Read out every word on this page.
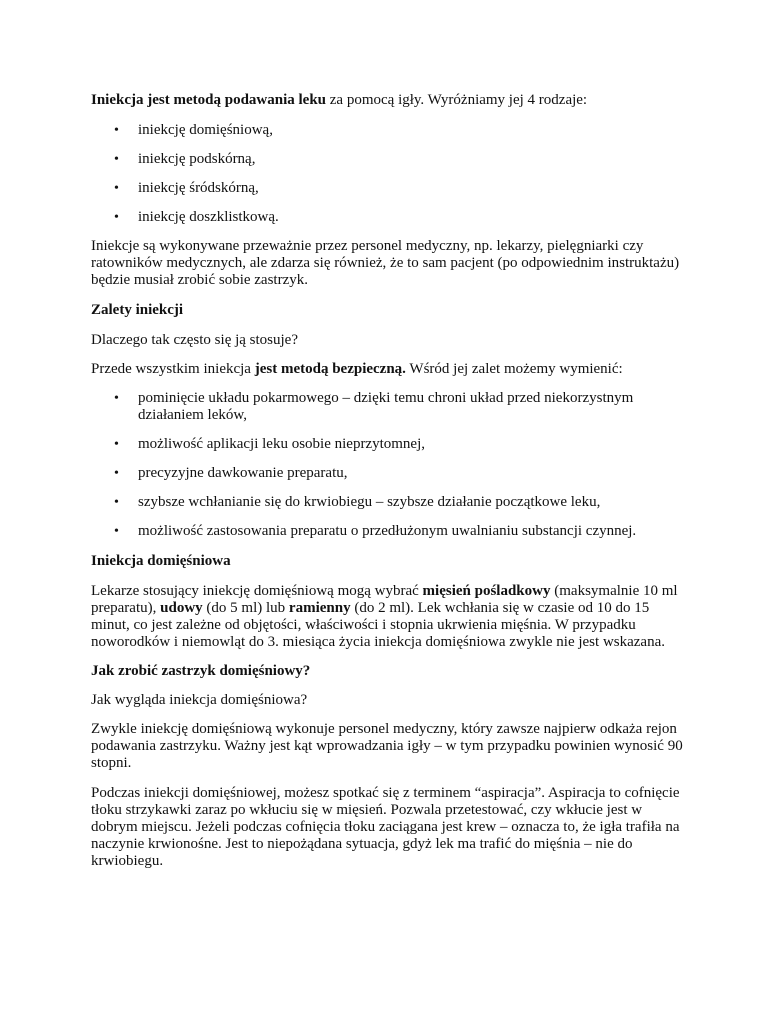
Iniekcja jest metodą podawania leku za pomocą igły. Wyróżniamy jej 4 rodzaje:

• iniekcję domięśniową,
• iniekcję podskórną,
• iniekcję śródskórną,
• iniekcję doszklistkową.

Iniekcje są wykonywane przeważnie przez personel medyczny, np. lekarzy, pielęgniarki czy ratowników medycznych, ale zdarza się również, że to sam pacjent (po odpowiednim instruktażu) będzie musiał zrobić sobie zastrzyk.

Zalety iniekcji

Dlaczego tak często się ją stosuje?

Przede wszystkim iniekcja jest metodą bezpieczną. Wśród jej zalet możemy wymienić:

• pominięcie układu pokarmowego – dzięki temu chroni układ przed niekorzystnym działaniem leków,
• możliwość aplikacji leku osobie nieprzytomnej,
• precyzyjne dawkowanie preparatu,
• szybsze wchłanianie się do krwiobiegu – szybsze działanie początkowe leku,
• możliwość zastosowania preparatu o przedłużonym uwalnianiu substancji czynnej.

Iniekcja domięśniowa

Lekarze stosujący iniekcję domięśniową mogą wybrać mięsień pośladkowy (maksymalnie 10 ml preparatu), udowy (do 5 ml) lub ramienny (do 2 ml). Lek wchłania się w czasie od 10 do 15 minut, co jest zależne od objętości, właściwości i stopnia ukrwienia mięśnia. W przypadku noworodków i niemowląt do 3. miesiąca życia iniekcja domięśniowa zwykle nie jest wskazana.

Jak zrobić zastrzyk domięśniowy?

Jak wygląda iniekcja domięśniowa?

Zwykle iniekcję domięśniową wykonuje personel medyczny, który zawsze najpierw odkaża rejon podawania zastrzyku. Ważny jest kąt wprowadzania igły – w tym przypadku powinien wynosić 90 stopni.

Podczas iniekcji domięśniowej, możesz spotkać się z terminem “aspiracja”. Aspiracja to cofnięcie tłoku strzykawki zaraz po wkłuciu się w mięsień. Pozwala przetestować, czy wkłucie jest w dobrym miejscu. Jeżeli podczas cofnięcia tłoku zaciągana jest krew – oznacza to, że igła trafiła na naczynie krwionośne. Jest to niepożądana sytuacja, gdyż lek ma trafić do mięśnia – nie do krwiobiegu.
